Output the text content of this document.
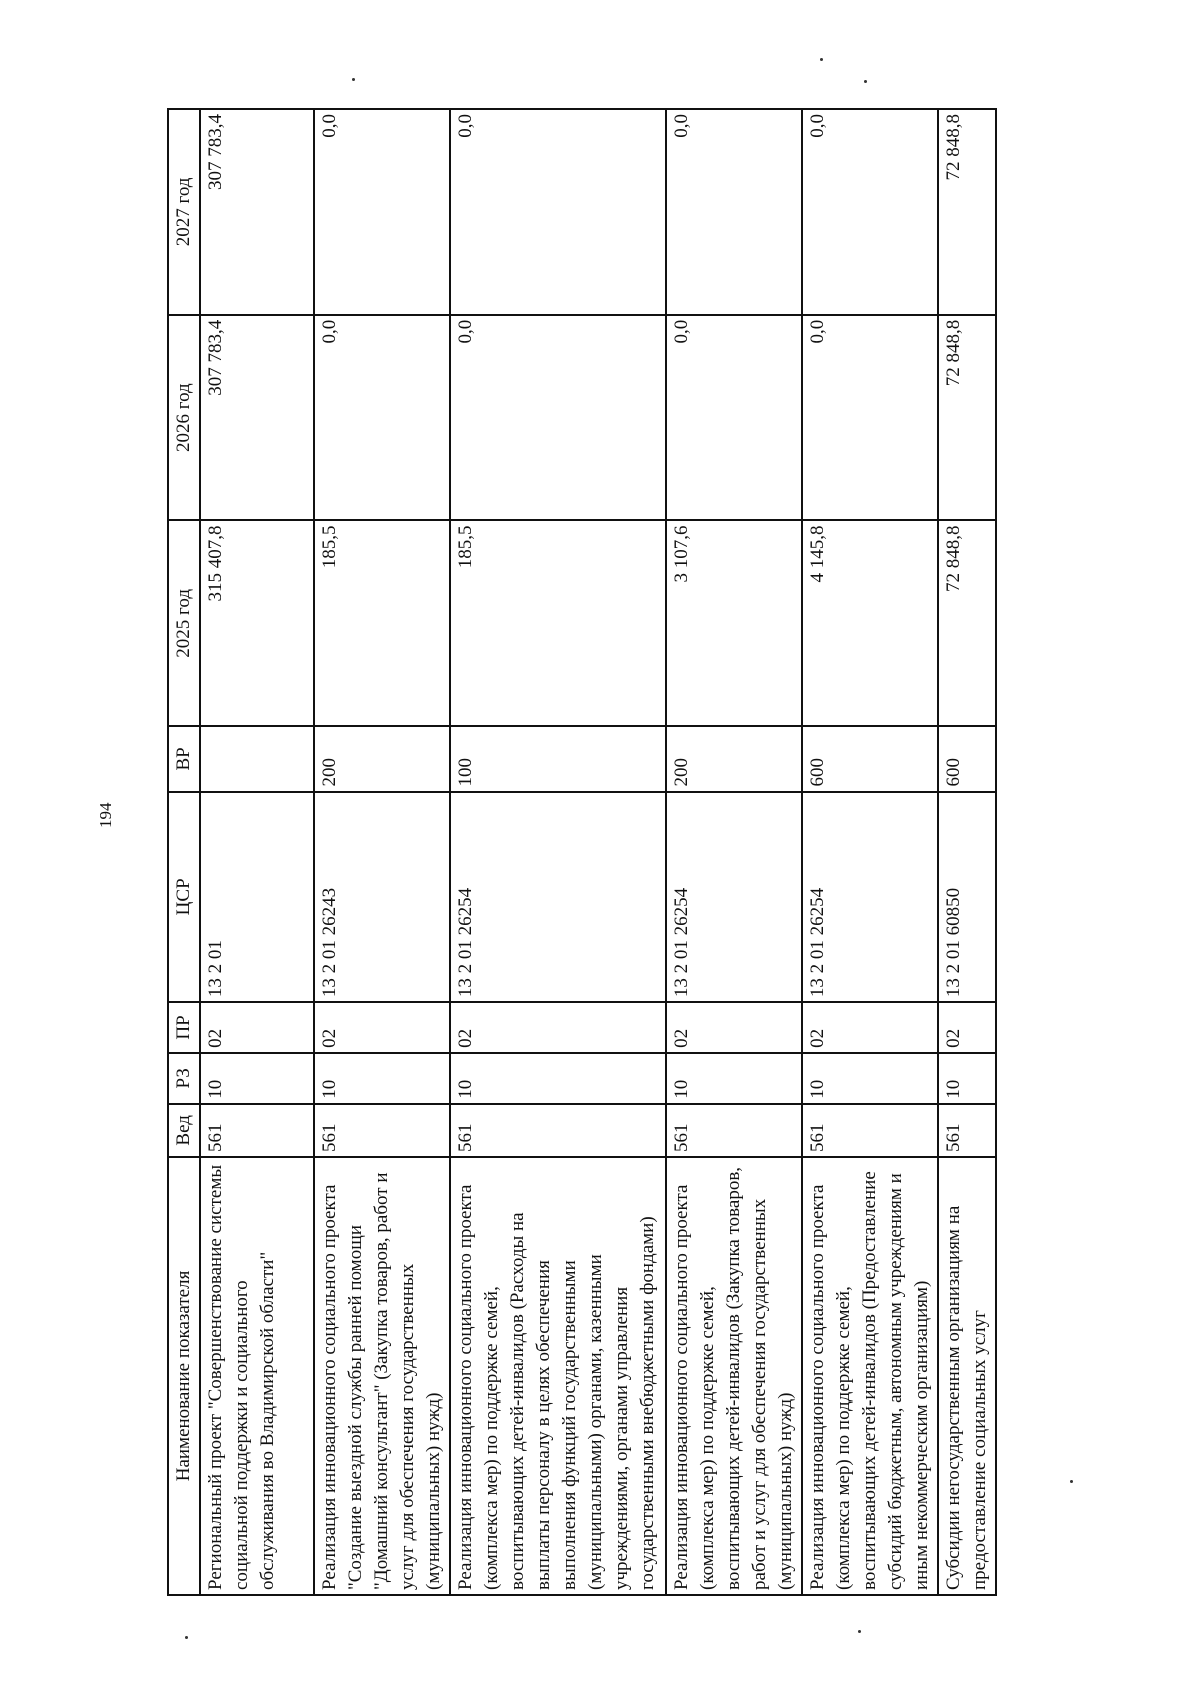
194
Наименование показателя	Вед	РЗ	ПР	ЦСР	ВР	2025 год	2026 год	2027 год
Региональный проект "Совершенствование системы социальной поддержки и социального обслуживания во Владимирской области"	561	10	02	13 2 01		315 407,8	307 783,4	307 783,4
Реализация инновационного социального проекта "Создание выездной службы ранней помощи "Домашний консультант" (Закупка товаров, работ и услуг для обеспечения государственных (муниципальных) нужд)	561	10	02	13 2 01 26243	200	185,5	0,0	0,0
Реализация инновационного социального проекта (комплекса мер) по поддержке семей, воспитывающих детей-инвалидов (Расходы на выплаты персоналу в целях обеспечения выполнения функций государственными (муниципальными) органами, казенными учреждениями, органами управления государственными внебюджетными фондами)	561	10	02	13 2 01 26254	100	185,5	0,0	0,0
Реализация инновационного социального проекта (комплекса мер) по поддержке семей, воспитывающих детей-инвалидов (Закупка товаров, работ и услуг для обеспечения государственных (муниципальных) нужд)	561	10	02	13 2 01 26254	200	3 107,6	0,0	0,0
Реализация инновационного социального проекта (комплекса мер) по поддержке семей, воспитывающих детей-инвалидов (Предоставление субсидий бюджетным, автономным учреждениям и иным некоммерческим организациям)	561	10	02	13 2 01 26254	600	4 145,8	0,0	0,0
Субсидии негосударственным организациям на предоставление социальных услуг	561	10	02	13 2 01 60850	600	72 848,8	72 848,8	72 848,8
